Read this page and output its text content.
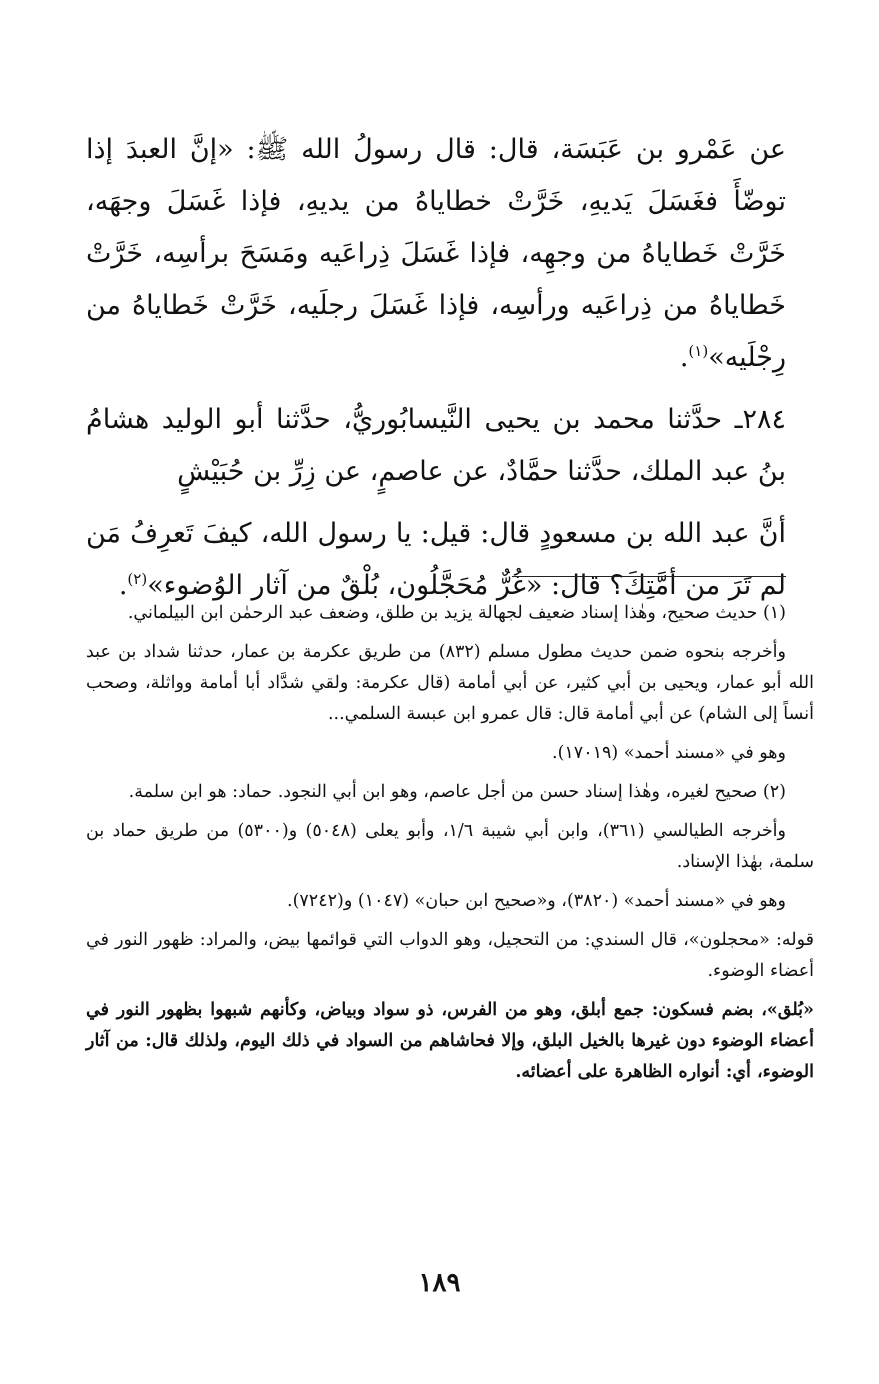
عن عَمْرو بن عَبَسَة، قال: قال رسولُ الله ﷺ: «إنَّ العبدَ إذا توضّأَ فغَسَلَ يَديهِ، خَرَّتْ خطاياهُ من يديهِ، فإذا غَسَلَ وجهَه، خَرَّتْ خَطاياهُ من وجهِه، فإذا غَسَلَ ذِراعَيه ومَسَحَ برأسِه، خَرَّتْ خَطاياهُ من ذِراعَيه ورأسِه، فإذا غَسَلَ رجلَيه، خَرَّتْ خَطاياهُ من رِجْلَيه»$^{(١)}$.

٢٨٤ـ حدَّثنا محمد بن يحيى النَّيسابُوريُّ، حدَّثنا أبو الوليد هشامُ بنُ عبد الملك، حدَّثنا حمَّادٌ، عن عاصمٍ، عن زِرِّ بن حُبَيْشٍ

أنَّ عبد الله بن مسعودٍ قال: قيل: يا رسول الله، كيفَ تَعرِفُ مَن لم تَرَ من أمَّتِكَ؟ قال: «غُرٌّ مُحَجَّلُون، بُلْقٌ من آثار الوُضوء»$^{(٢)}$.

(١) حديث صحيح، وهٰذا إسناد ضعيف لجهالة يزيد بن طلق، وضعف عبد الرحمٰن ابن البيلماني.

وأخرجه بنحوه ضمن حديث مطول مسلم (٨٣٢) من طريق عكرمة بن عمار، حدثنا شداد بن عبد الله أبو عمار، ويحيى بن أبي كثير، عن أبي أمامة (قال عكرمة: ولقي شدَّاد أبا أمامة وواثلة، وصحب أنساً إلى الشام) عن أبي أمامة قال: قال عمرو ابن عبسة السلمي...

وهو في «مسند أحمد» (١٧٠١٩).

(٢) صحيح لغيره، وهٰذا إسناد حسن من أجل عاصم، وهو ابن أبي النجود. حماد: هو ابن سلمة.

وأخرجه الطيالسي (٣٦١)، وابن أبي شيبة ١/٦، وأبو يعلى (٥٠٤٨) و(٥٣٠٠) من طريق حماد بن سلمة، بهٰذا الإسناد.

وهو في «مسند أحمد» (٣٨٢٠)، و«صحيح ابن حبان» (١٠٤٧) و(٧٢٤٢).

قوله: «محجلون»، قال السندي: من التحجيل، وهو الدواب التي قوائمها بيض، والمراد: ظهور النور في أعضاء الوضوء.

«بُلق»، بضم فسكون: جمع أبلق، وهو من الفرس، ذو سواد وبياض، وكأنهم شبهوا بظهور النور في أعضاء الوضوء دون غيرها بالخيل البلق، وإلا فحاشاهم من السواد في ذلك اليوم، ولذلك قال: من آثار الوضوء، أي: أنواره الظاهرة على أعضائه.

١٨٩
